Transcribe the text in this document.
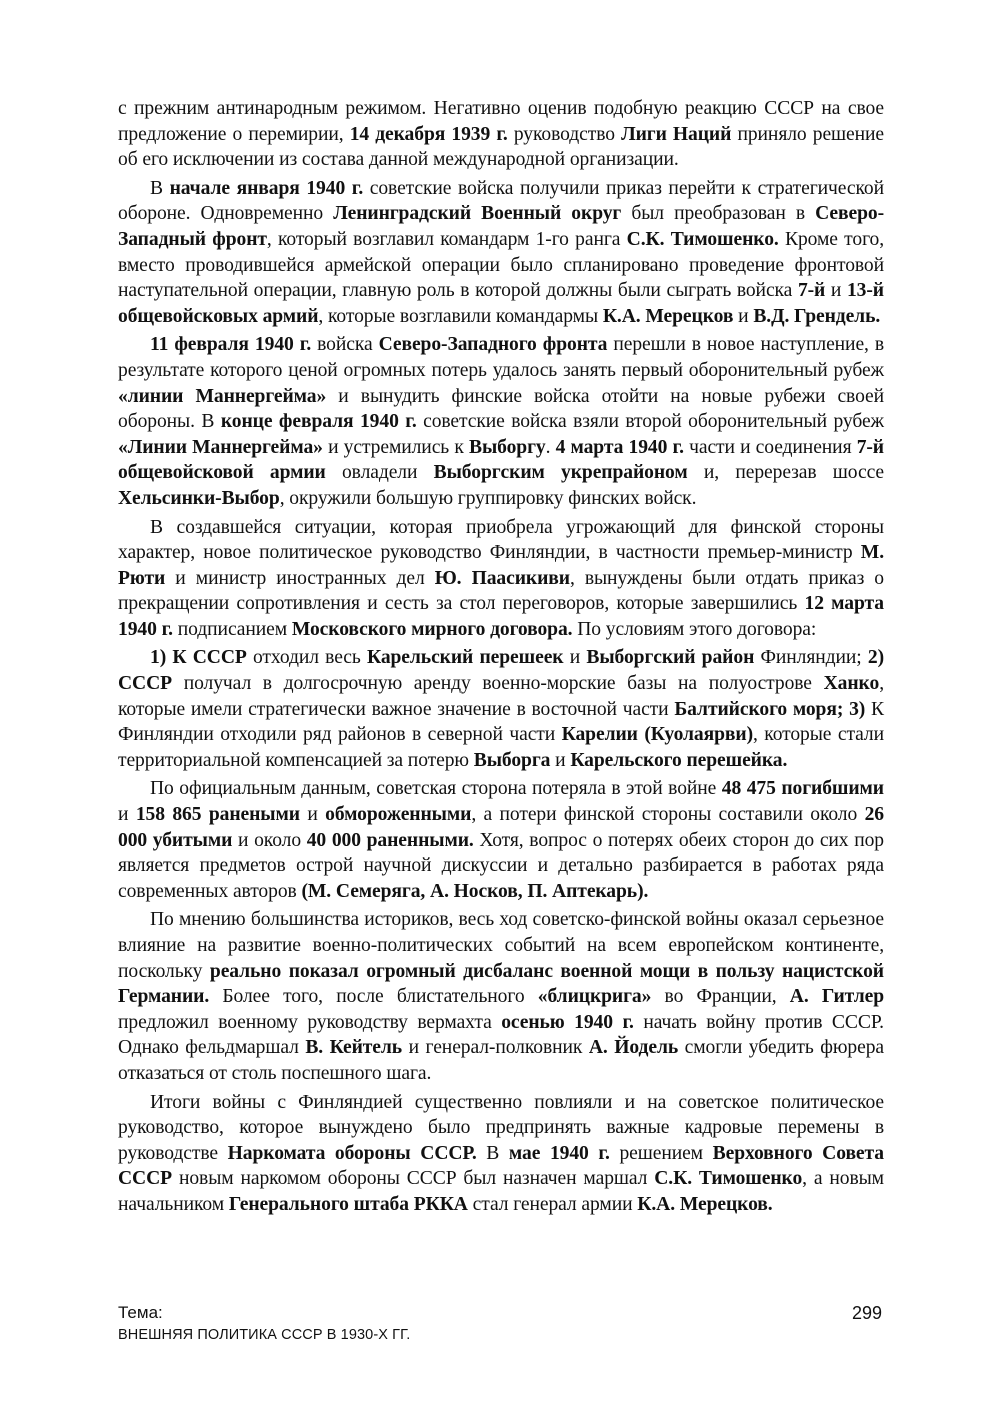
с прежним антинародным режимом. Негативно оценив подобную реакцию СССР на свое предложение о перемирии, 14 декабря 1939 г. руководство Лиги Наций приняло решение об его исключении из состава данной международной организации.

В начале января 1940 г. советские войска получили приказ перейти к стратегической обороне. Одновременно Ленинградский Военный округ был преобразован в Северо-Западный фронт, который возглавил командарм 1-го ранга С.К. Тимошенко. Кроме того, вместо проводившейся армейской операции было спланировано проведение фронтовой наступательной операции, главную роль в которой должны были сыграть войска 7-й и 13-й общевойсковых армий, которые возглавили командармы К.А. Мерецков и В.Д. Грендель.

11 февраля 1940 г. войска Северо-Западного фронта перешли в новое наступление, в результате которого ценой огромных потерь удалось занять первый оборонительный рубеж «линии Маннергейма» и вынудить финские войска отойти на новые рубежи своей обороны. В конце февраля 1940 г. советские войска взяли второй оборонительный рубеж «Линии Маннергейма» и устремились к Выборгу. 4 марта 1940 г. части и соединения 7-й общевойсковой армии овладели Выборгским укрепрайоном и, перерезав шоссе Хельсинки-Выбор, окружили большую группировку финских войск.

В создавшейся ситуации, которая приобрела угрожающий для финской стороны характер, новое политическое руководство Финляндии, в частности премьер-министр М. Рюти и министр иностранных дел Ю. Паасикиви, вынуждены были отдать приказ о прекращении сопротивления и сесть за стол переговоров, которые завершились 12 марта 1940 г. подписанием Московского мирного договора. По условиям этого договора:

1) К СССР отходил весь Карельский перешеек и Выборгский район Финляндии; 2) СССР получал в долгосрочную аренду военно-морские базы на полуострове Ханко, которые имели стратегически важное значение в восточной части Балтийского моря; 3) К Финляндии отходили ряд районов в северной части Карелии (Куолаярви), которые стали территориальной компенсацией за потерю Выборга и Карельского перешейка.

По официальным данным, советская сторона потеряла в этой войне 48 475 погибшими и 158 865 ранеными и обмороженными, а потери финской стороны составили около 26 000 убитыми и около 40 000 раненными. Хотя, вопрос о потерях обеих сторон до сих пор является предметов острой научной дискуссии и детально разбирается в работах ряда современных авторов (М. Семеряга, А. Носков, П. Аптекарь).

По мнению большинства историков, весь ход советско-финской войны оказал серьезное влияние на развитие военно-политических событий на всем европейском континенте, поскольку реально показал огромный дисбаланс военной мощи в пользу нацистской Германии. Более того, после блистательного «блицкрига» во Франции, А. Гитлер предложил военному руководству вермахта осенью 1940 г. начать войну против СССР. Однако фельдмаршал В. Кейтель и генерал-полковник А. Йодель смогли убедить фюрера отказаться от столь поспешного шага.

Итоги войны с Финляндией существенно повлияли и на советское политическое руководство, которое вынуждено было предпринять важные кадровые перемены в руководстве Наркомата обороны СССР. В мае 1940 г. решением Верховного Совета СССР новым наркомом обороны СССР был назначен маршал С.К. Тимошенко, а новым начальником Генерального штаба РККА стал генерал армии К.А. Мерецков.

Тема:
ВНЕШНЯЯ ПОЛИТИКА СССР В 1930-Х ГГ.
299
